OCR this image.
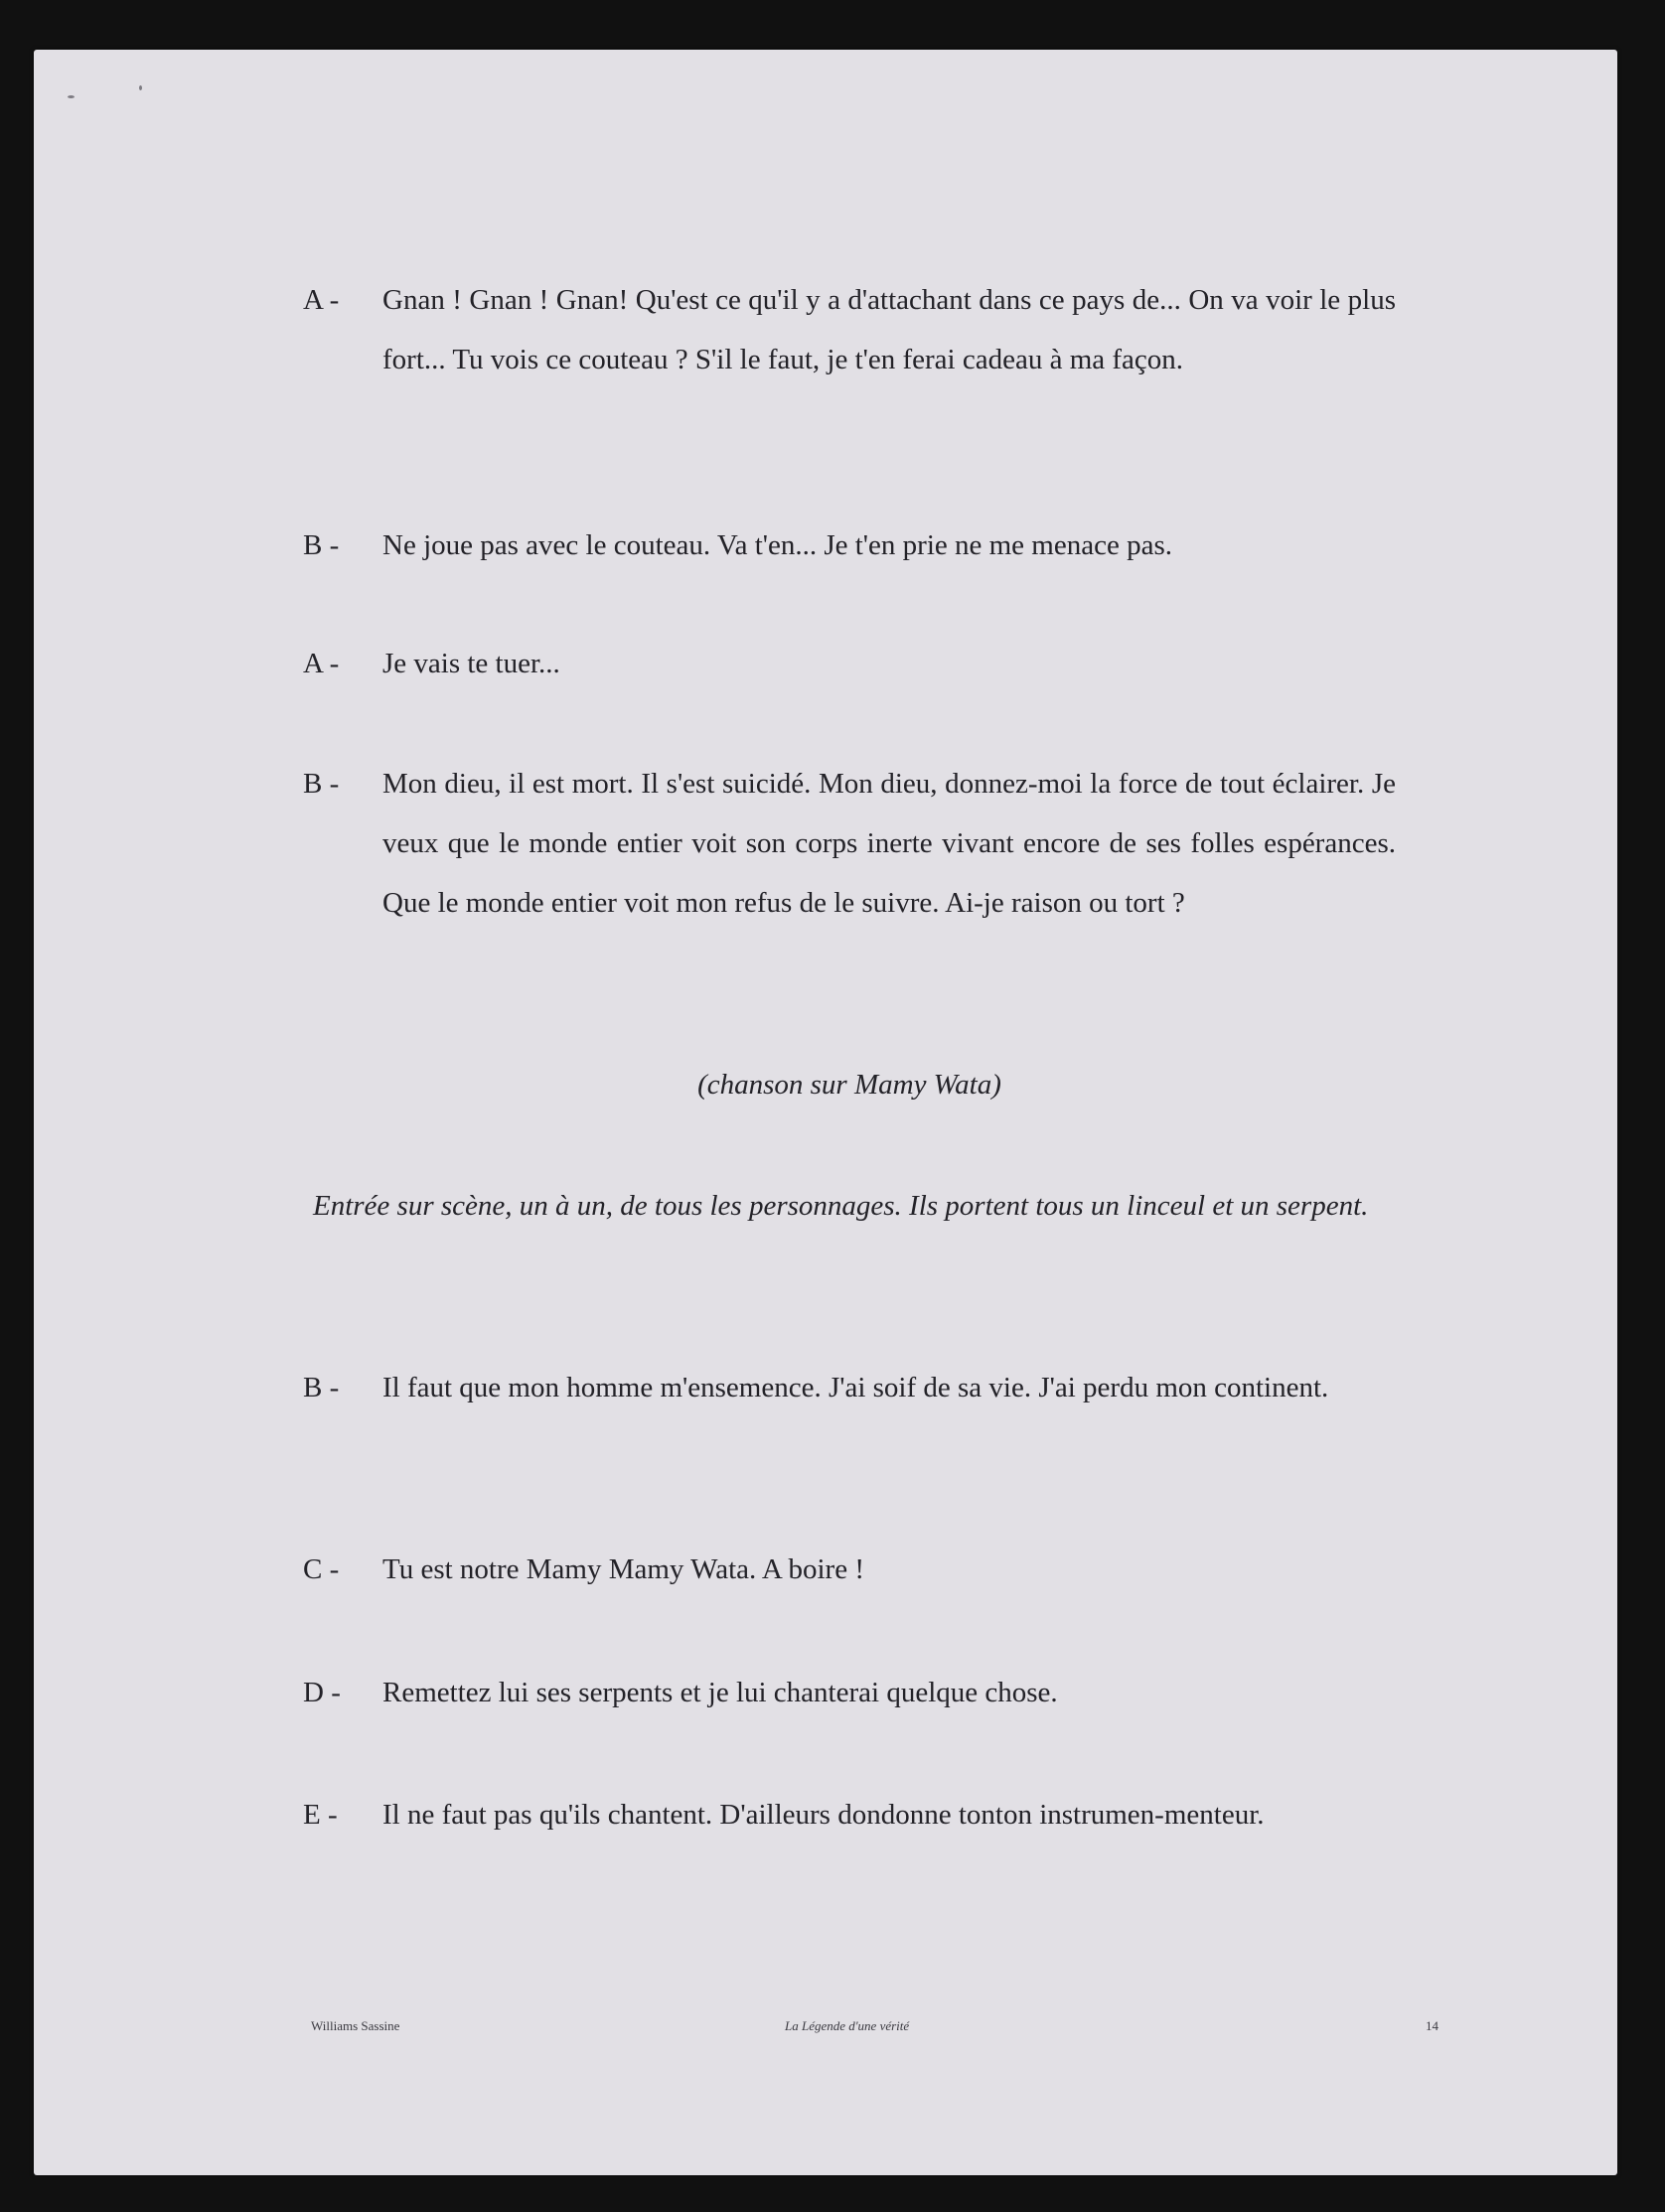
A - Gnan ! Gnan ! Gnan! Qu'est ce qu'il y a d'attachant dans ce pays de... On va voir le plus fort... Tu vois ce couteau ? S'il le faut, je t'en ferai cadeau à ma façon.
B - Ne joue pas avec le couteau. Va t'en... Je t'en prie ne me menace pas.
A - Je vais te tuer...
B - Mon dieu, il est mort. Il s'est suicidé. Mon dieu, donnez-moi la force de tout éclairer. Je veux que le monde entier voit son corps inerte vivant encore de ses folles espérances. Que le monde entier voit mon refus de le suivre. Ai-je raison ou tort ?
(chanson sur Mamy Wata)
Entrée sur scène, un à un, de tous les personnages. Ils portent tous un linceul et un serpent.
B - Il faut que mon homme m'ensemence. J'ai soif de sa vie. J'ai perdu mon continent.
C - Tu est notre Mamy Mamy Wata. A boire !
D - Remettez lui ses serpents et je lui chanterai quelque chose.
E - Il ne faut pas qu'ils chantent. D'ailleurs dondonne tonton instrumen-menteur.
Williams Sassine	La Légende d'une vérité	14
